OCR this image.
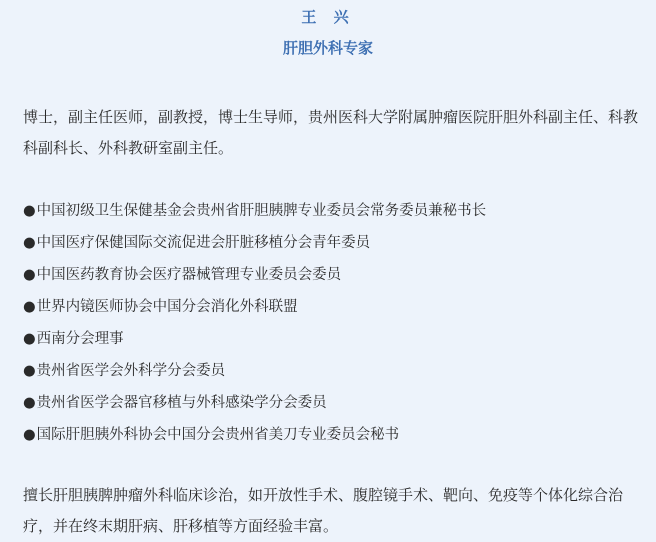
王 兴
肝胆外科专家
博士，副主任医师，副教授，博士生导师，贵州医科大学附属肿瘤医院肝胆外科副主任、科教科副科长、外科教研室副主任。
●中国初级卫生保健基金会贵州省肝胆胰脾专业委员会常务委员兼秘书长
●中国医疗保健国际交流促进会肝脏移植分会青年委员
●中国医药教育协会医疗器械管理专业委员会委员
●世界内镜医师协会中国分会消化外科联盟
●西南分会理事
●贵州省医学会外科学分会委员
●贵州省医学会器官移植与外科感染学分会委员
●国际肝胆胰外科协会中国分会贵州省美刀专业委员会秘书
擅长肝胆胰脾肿瘤外科临床诊治，如开放性手术、腹腔镜手术、靶向、免疫等个体化综合治疗，并在终末期肝病、肝移植等方面经验丰富。
